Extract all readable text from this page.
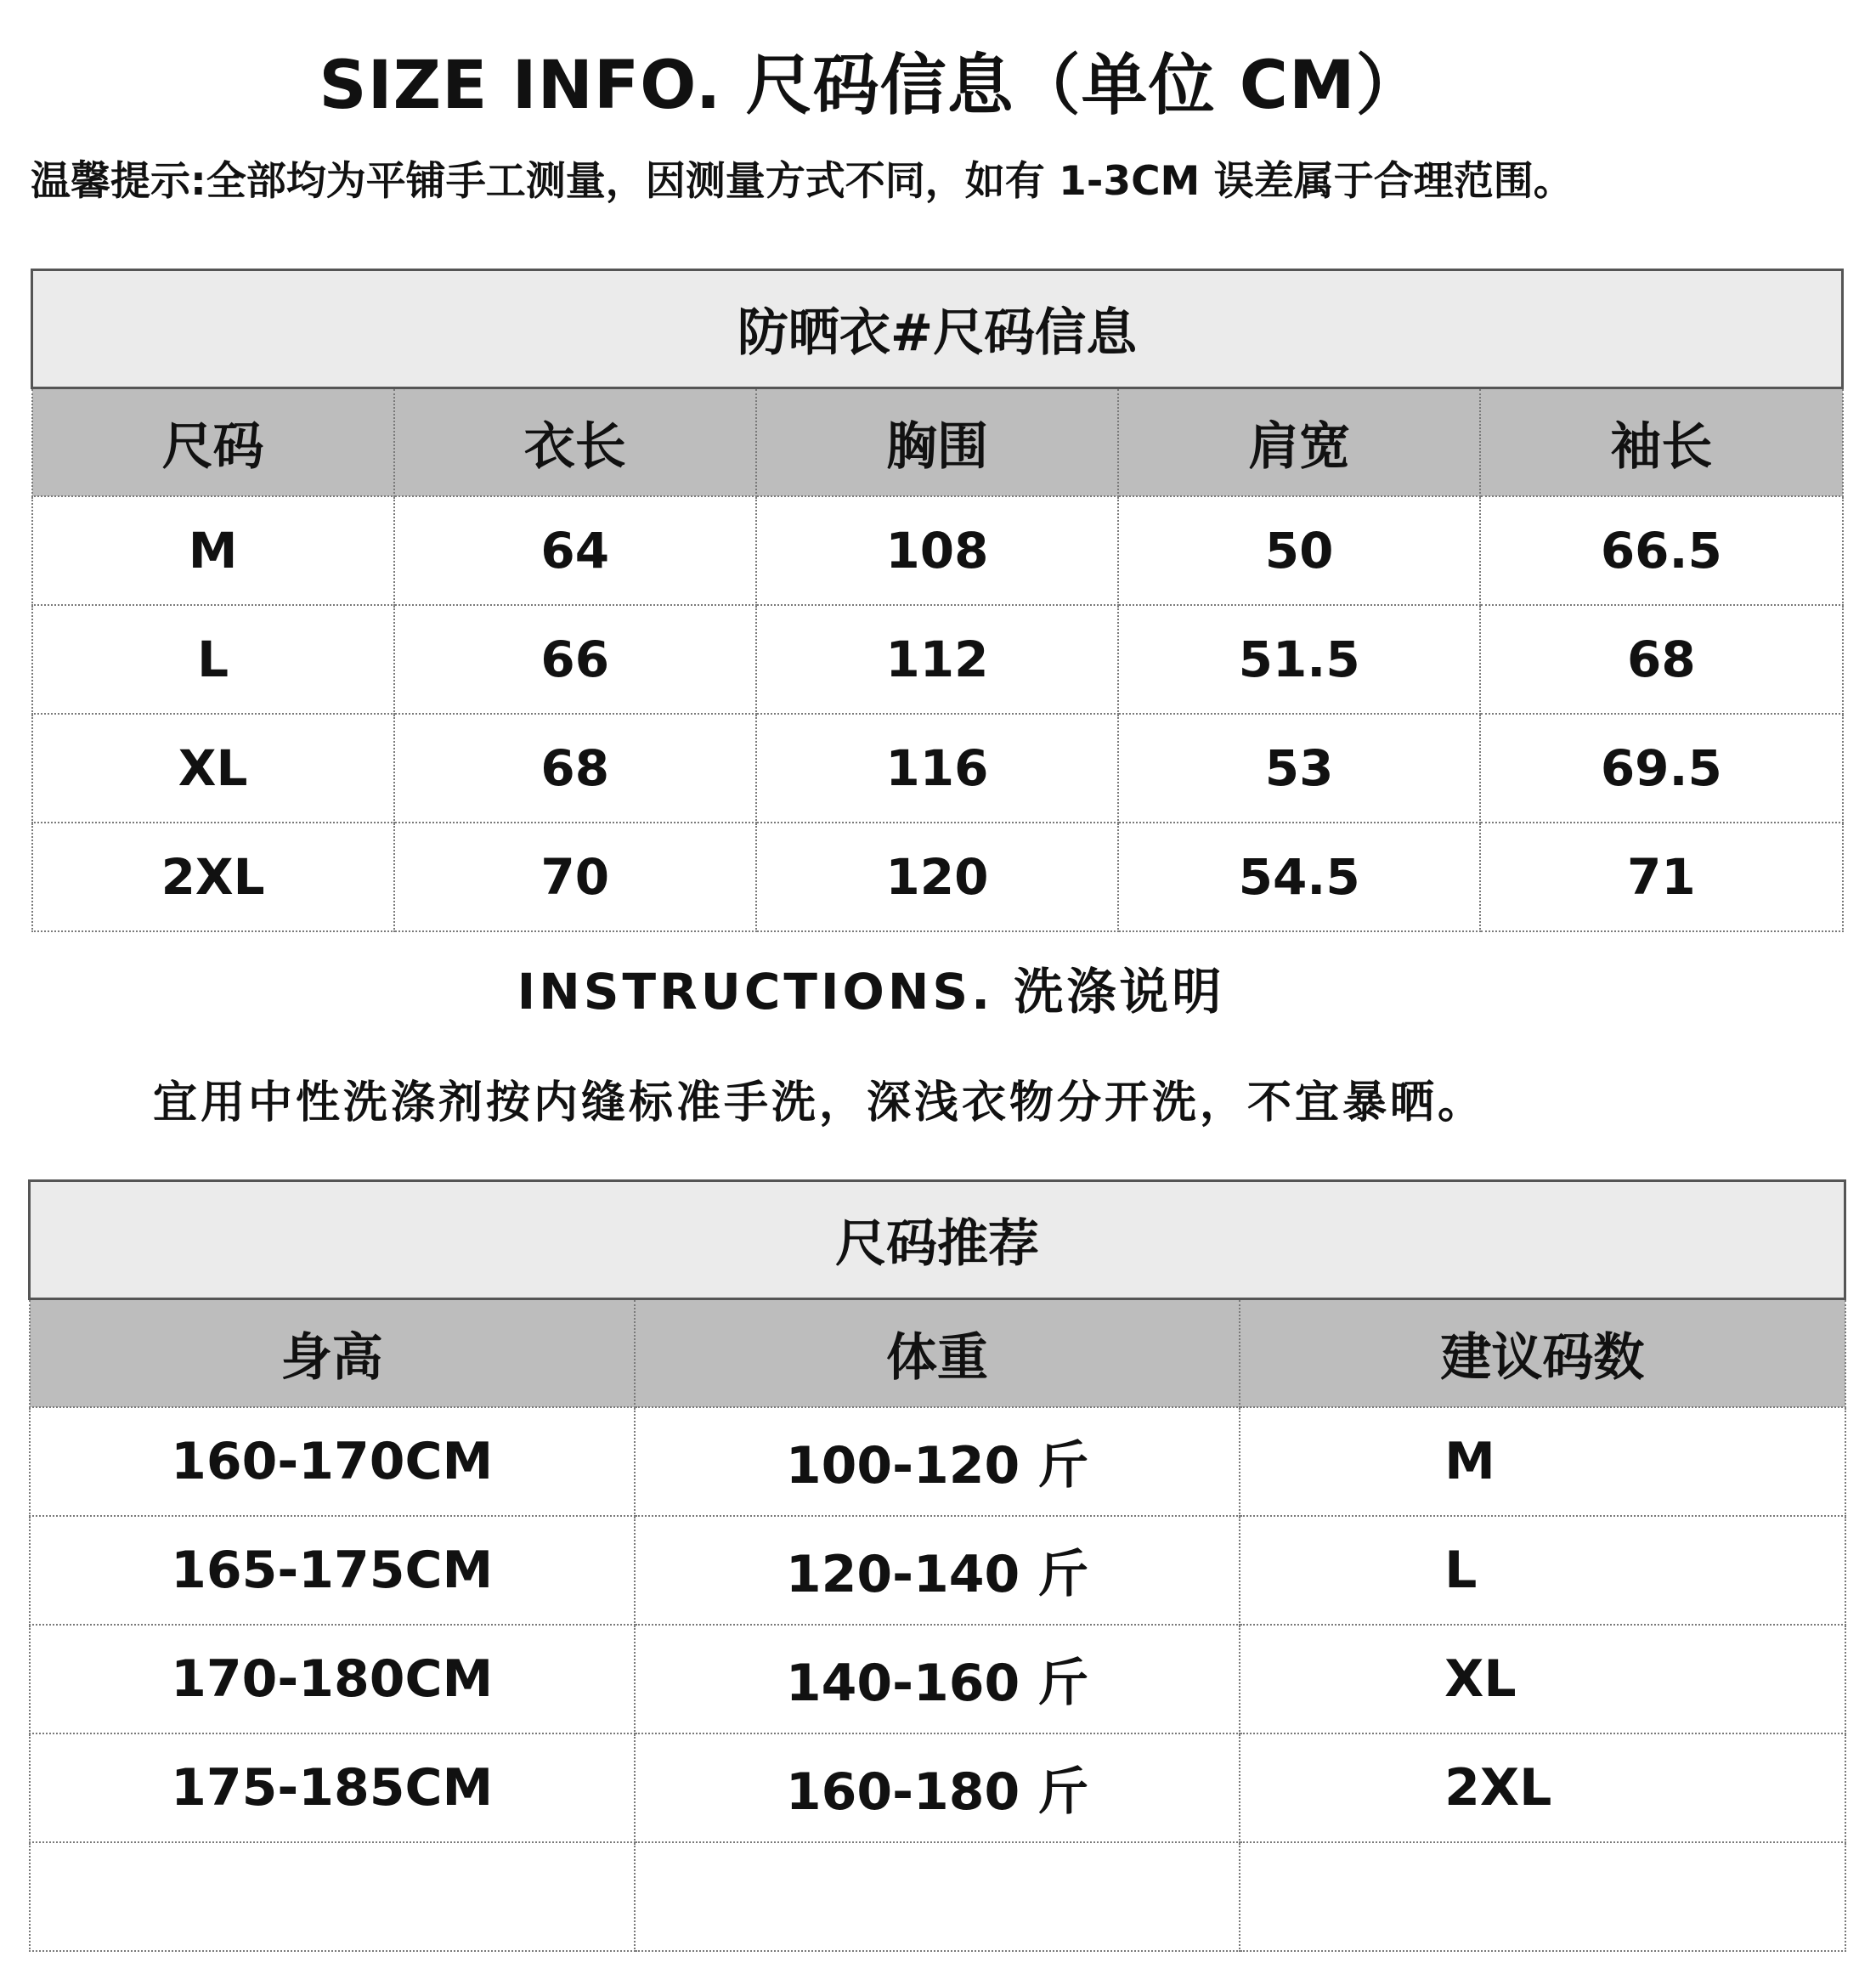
SIZE INFO. 尺码信息（单位 CM）
温馨提示:全部均为平铺手工测量，因测量方式不同，如有 1-3CM 误差属于合理范围。
防晒衣#尺码信息				
尺码	衣长	胸围	肩宽	袖长
M	64	108	50	66.5
L	66	112	51.5	68
XL	68	116	53	69.5
2XL	70	120	54.5	71
INSTRUCTIONS. 洗涤说明
宜用中性洗涤剂按内缝标准手洗，深浅衣物分开洗，不宜暴晒。
尺码推荐		
身高	体重	建议码数
160-170CM	100-120 斤	M
165-175CM	120-140 斤	L
170-180CM	140-160 斤	XL
175-185CM	160-180 斤	2XL
